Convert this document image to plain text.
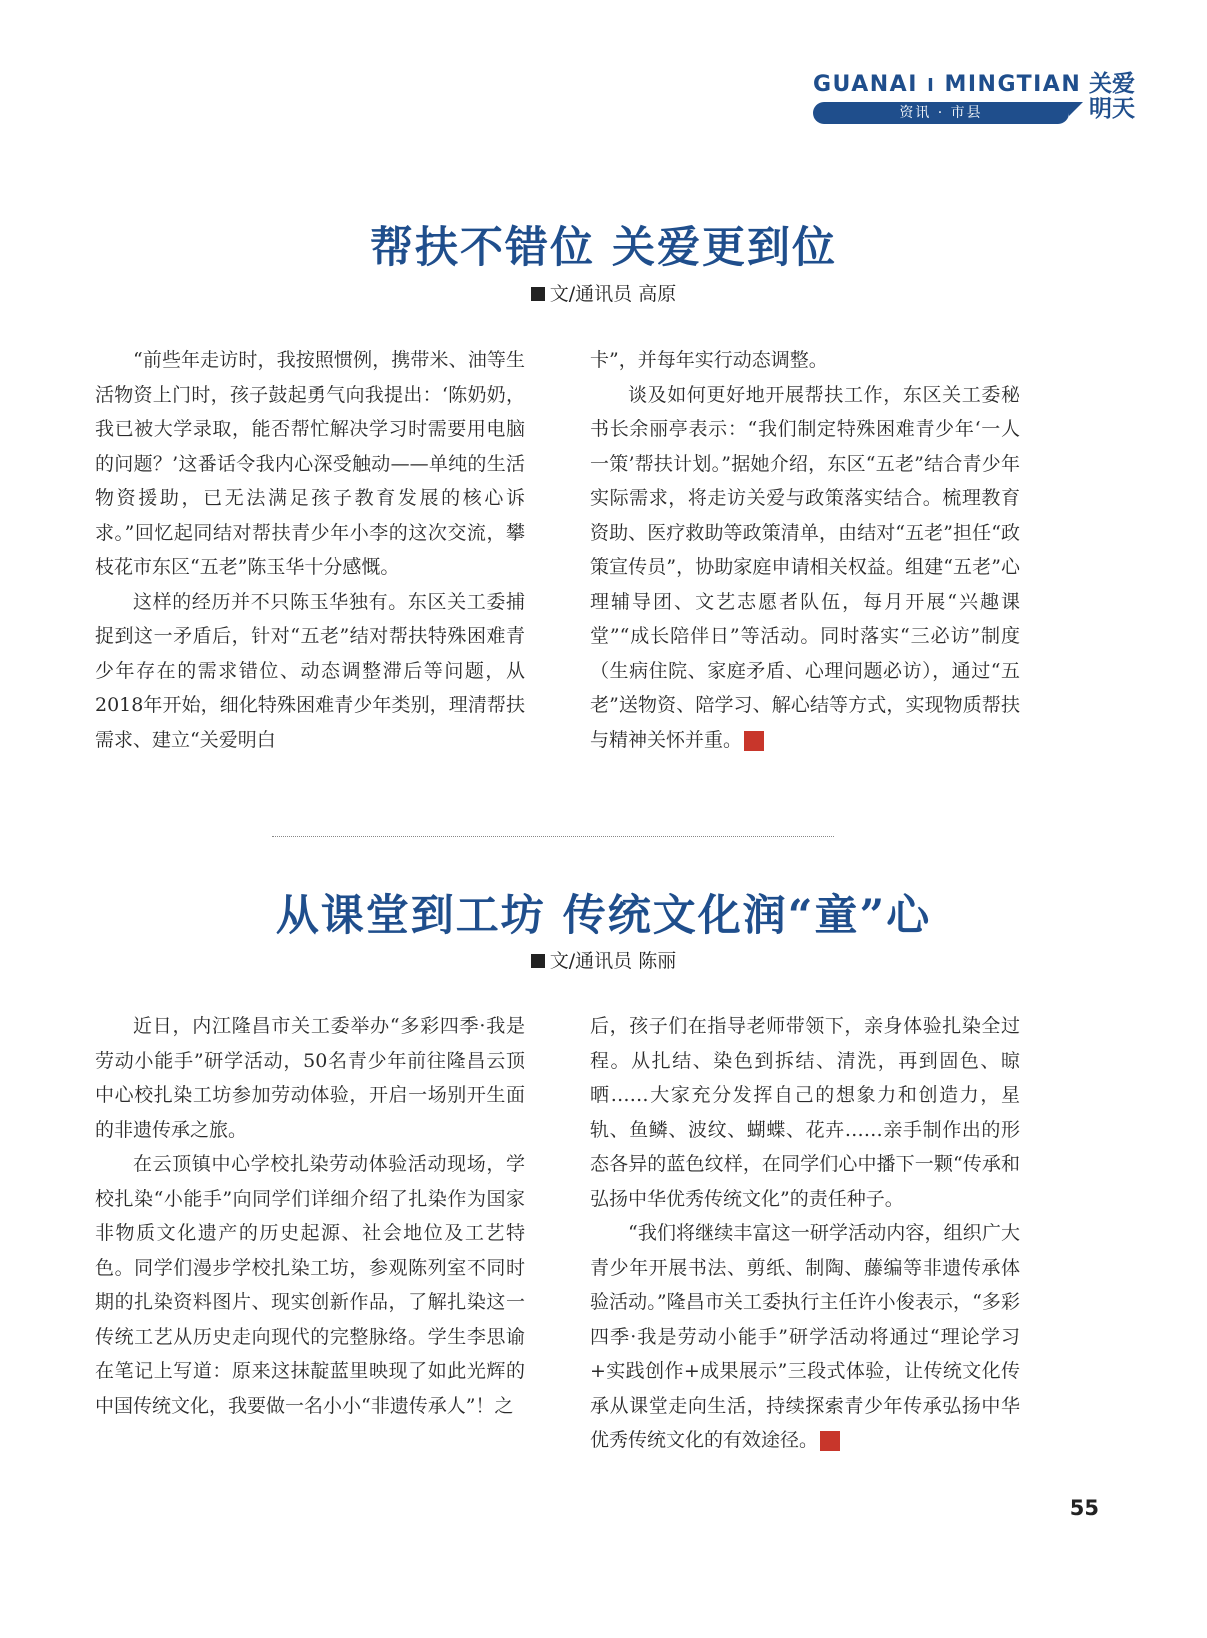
GUANAI I MINGTIAN
资讯 · 市县
关爱
明天
帮扶不错位 关爱更到位
文/通讯员 高原

“前些年走访时，我按照惯例，携带米、油等生活物资上门时，孩子鼓起勇气向我提出：‘陈奶奶，我已被大学录取，能否帮忙解决学习时需要用电脑的问题？’这番话令我内心深受触动——单纯的生活物资援助，已无法满足孩子教育发展的核心诉求。”回忆起同结对帮扶青少年小李的这次交流，攀枝花市东区“五老”陈玉华十分感慨。

这样的经历并不只陈玉华独有。东区关工委捕捉到这一矛盾后，针对“五老”结对帮扶特殊困难青少年存在的需求错位、动态调整滞后等问题，从2018年开始，细化特殊困难青少年类别，理清帮扶需求、建立“关爱明白

卡”，并每年实行动态调整。

谈及如何更好地开展帮扶工作，东区关工委秘书长余丽亭表示：“我们制定特殊困难青少年‘一人一策’帮扶计划。”据她介绍，东区“五老”结合青少年实际需求，将走访关爱与政策落实结合。梳理教育资助、医疗救助等政策清单，由结对“五老”担任“政策宣传员”，协助家庭申请相关权益。组建“五老”心理辅导团、文艺志愿者队伍，每月开展“兴趣课堂”“成长陪伴日”等活动。同时落实“三必访”制度（生病住院、家庭矛盾、心理问题必访），通过“五老”送物资、陪学习、解心结等方式，实现物质帮扶与精神关怀并重。	关

从课堂到工坊 传统文化润“童”心
文/通讯员 陈丽

近日，内江隆昌市关工委举办“多彩四季·我是劳动小能手”研学活动，50名青少年前往隆昌云顶中心校扎染工坊参加劳动体验，开启一场别开生面的非遗传承之旅。

在云顶镇中心学校扎染劳动体验活动现场，学校扎染“小能手”向同学们详细介绍了扎染作为国家非物质文化遗产的历史起源、社会地位及工艺特色。同学们漫步学校扎染工坊，参观陈列室不同时期的扎染资料图片、现实创新作品，了解扎染这一传统工艺从历史走向现代的完整脉络。学生李思谕在笔记上写道：原来这抹靛蓝里映现了如此光辉的中国传统文化，我要做一名小小“非遗传承人”！之

后，孩子们在指导老师带领下，亲身体验扎染全过程。从扎结、染色到拆结、清洗，再到固色、晾晒……大家充分发挥自己的想象力和创造力，星轨、鱼鳞、波纹、蝴蝶、花卉……亲手制作出的形态各异的蓝色纹样，在同学们心中播下一颗“传承和弘扬中华优秀传统文化”的责任种子。

“我们将继续丰富这一研学活动内容，组织广大青少年开展书法、剪纸、制陶、藤编等非遗传承体验活动。”隆昌市关工委执行主任许小俊表示，“多彩四季·我是劳动小能手”研学活动将通过“理论学习+实践创作+成果展示”三段式体验，让传统文化传承从课堂走向生活，持续探索青少年传承弘扬中华优秀传统文化的有效途径。	关

55
